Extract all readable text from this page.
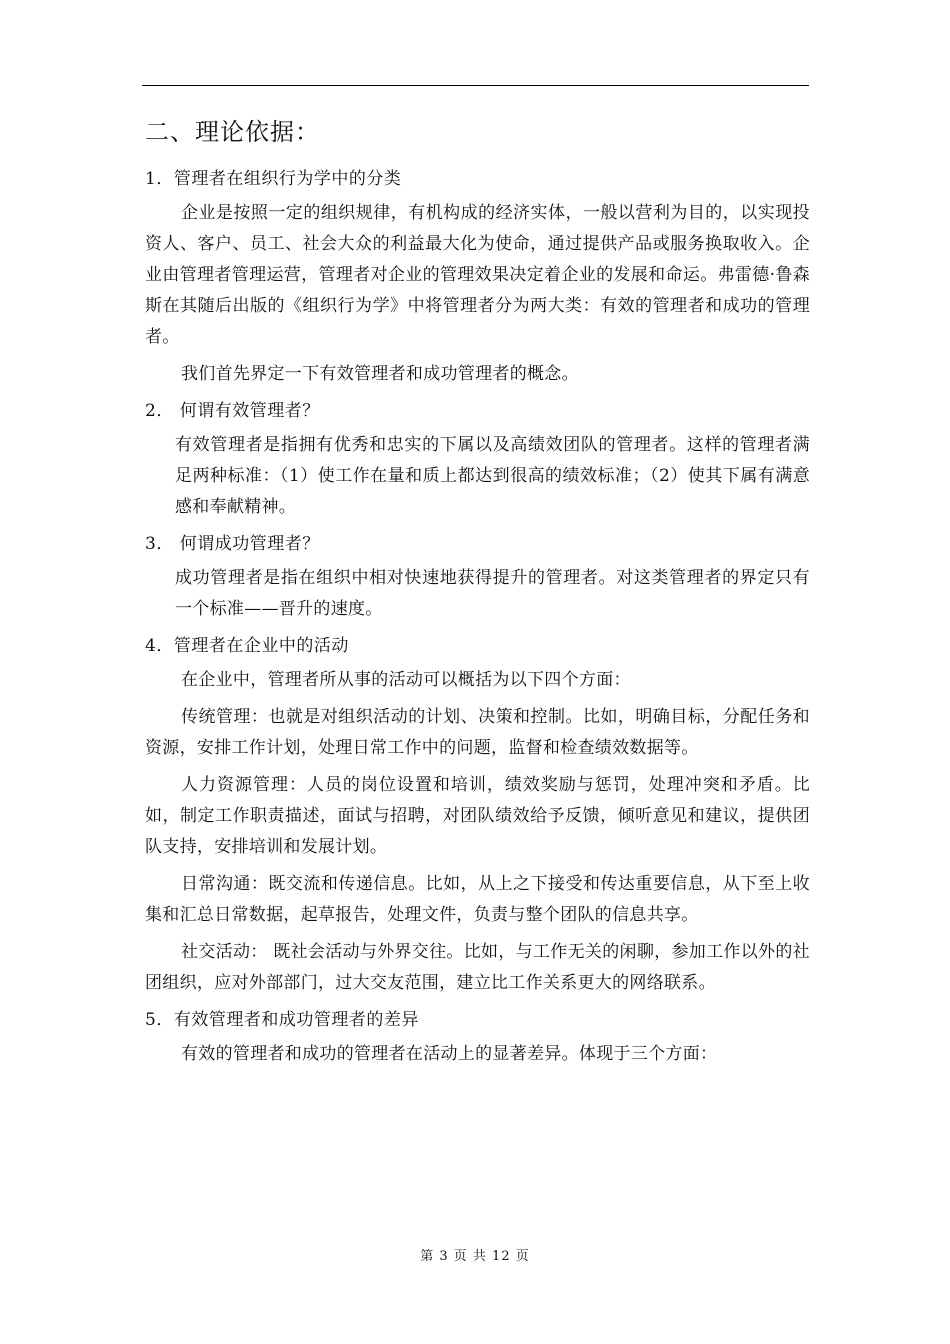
二、理论依据：
1．管理者在组织行为学中的分类

企业是按照一定的组织规律，有机构成的经济实体，一般以营利为目的，以实现投资人、客户、员工、社会大众的利益最大化为使命，通过提供产品或服务换取收入。企业由管理者管理运营，管理者对企业的管理效果决定着企业的发展和命运。弗雷德·鲁森斯在其随后出版的《组织行为学》中将管理者分为两大类：有效的管理者和成功的管理者。

我们首先界定一下有效管理者和成功管理者的概念。

2． 何谓有效管理者？

有效管理者是指拥有优秀和忠实的下属以及高绩效团队的管理者。这样的管理者满足两种标准：（1）使工作在量和质上都达到很高的绩效标准；（2）使其下属有满意感和奉献精神。

3． 何谓成功管理者？

成功管理者是指在组织中相对快速地获得提升的管理者。对这类管理者的界定只有一个标准——晋升的速度。

4．管理者在企业中的活动

在企业中，管理者所从事的活动可以概括为以下四个方面：

传统管理：也就是对组织活动的计划、决策和控制。比如，明确目标，分配任务和资源，安排工作计划，处理日常工作中的问题，监督和检查绩效数据等。

人力资源管理：人员的岗位设置和培训，绩效奖励与惩罚，处理冲突和矛盾。比如，制定工作职责描述，面试与招聘，对团队绩效给予反馈，倾听意见和建议，提供团队支持，安排培训和发展计划。

日常沟通：既交流和传递信息。比如，从上之下接受和传达重要信息，从下至上收集和汇总日常数据，起草报告，处理文件，负责与整个团队的信息共享。

社交活动： 既社会活动与外界交往。比如，与工作无关的闲聊，参加工作以外的社团组织，应对外部部门，过大交友范围，建立比工作关系更大的网络联系。

5．有效管理者和成功管理者的差异

有效的管理者和成功的管理者在活动上的显著差异。体现于三个方面：

第 3 页 共 12 页
